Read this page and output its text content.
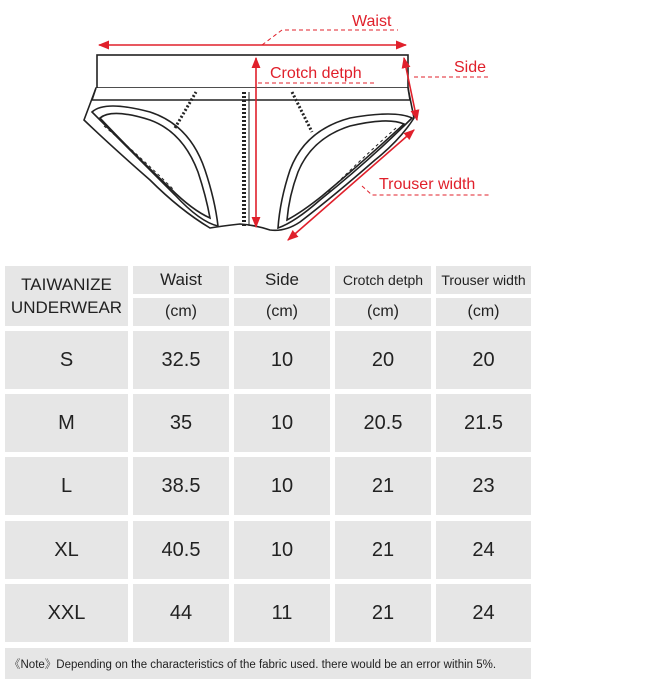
Waist
Crotch detph	Side
Trouser width
TAIWANIZE UNDERWEAR
Waist	Side	Crotch detph	Trouser width
(cm)	(cm)	(cm)	(cm)
S	32.5	10	20	20
M	35	10	20.5	21.5
L	38.5	10	21	23
XL	40.5	10	21	24
XXL	44	11	21	24
《Note》Depending on the characteristics of the fabric used. there would be an error within 5%.
